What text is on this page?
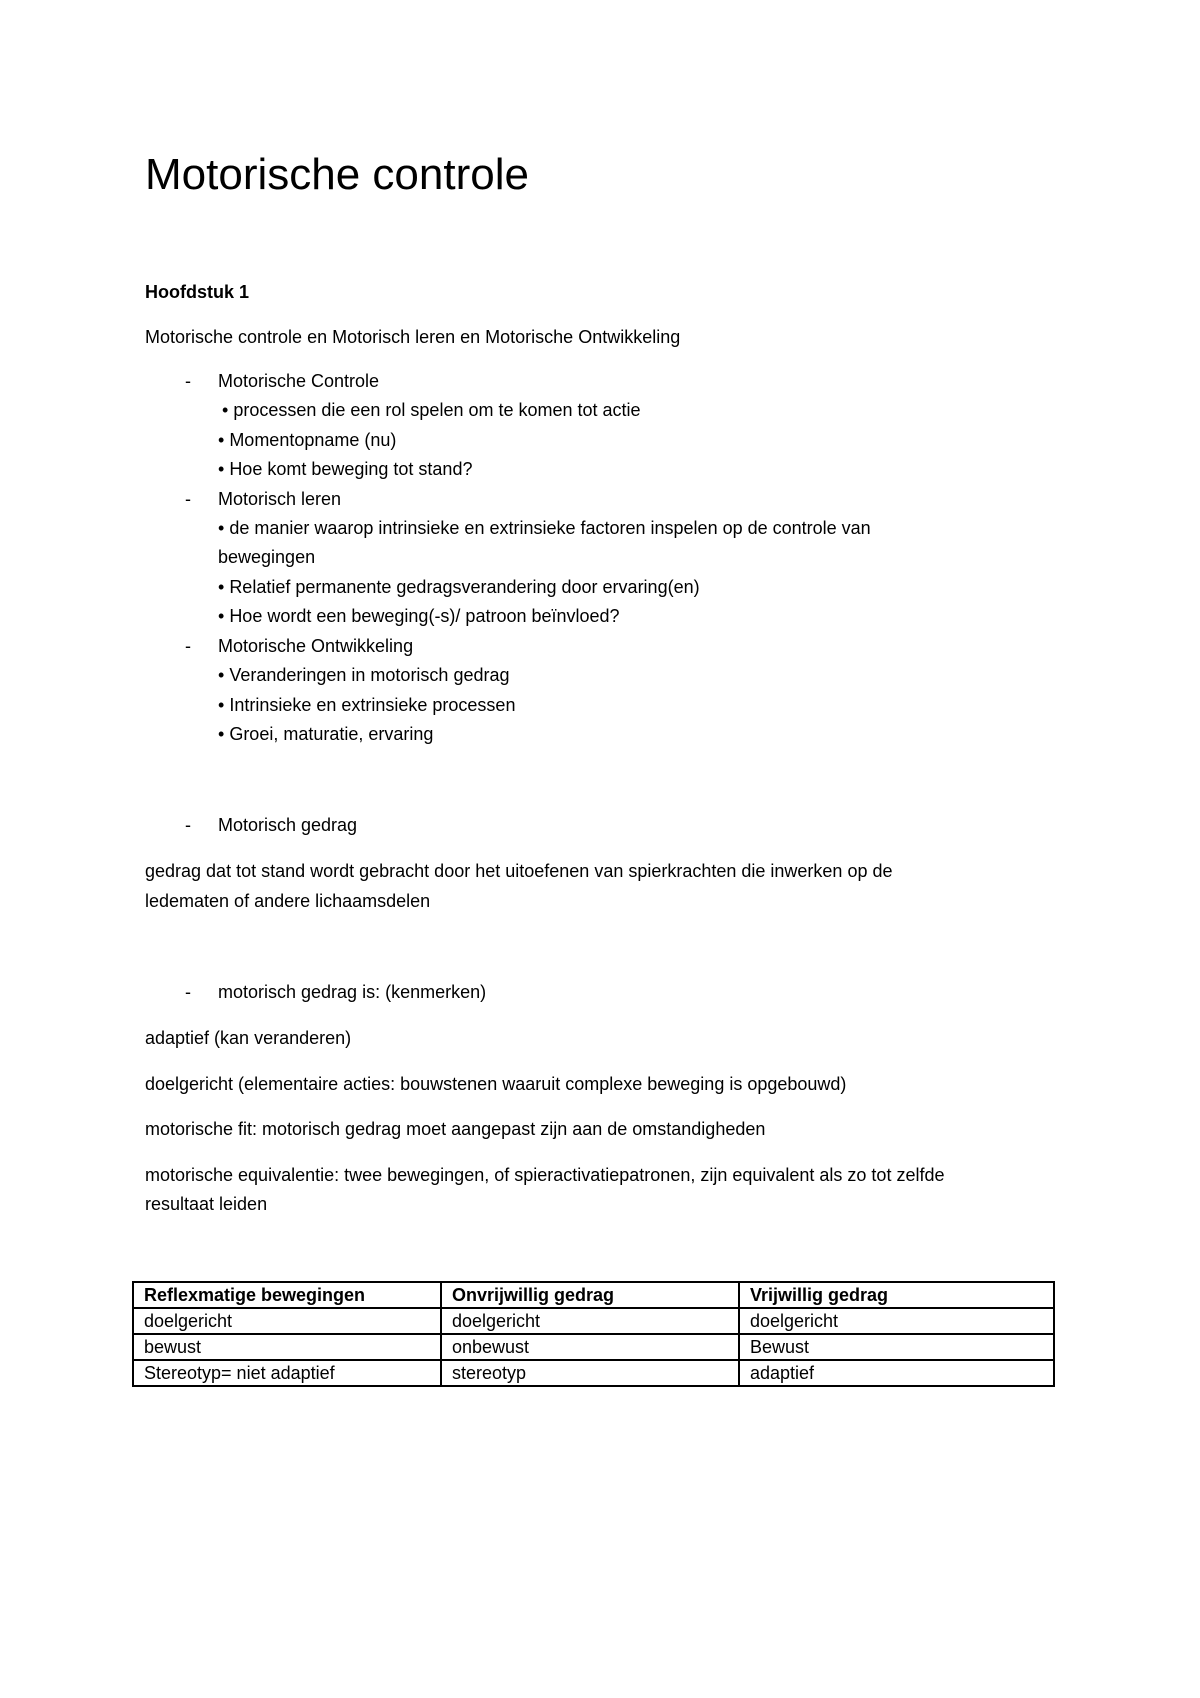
Motorische controle
Hoofdstuk 1
Motorische controle en Motorisch leren en Motorische Ontwikkeling
- Motorische Controle
• processen die een rol spelen om te komen tot actie
• Momentopname (nu)
• Hoe komt beweging tot stand?
- Motorisch leren
• de manier waarop intrinsieke en extrinsieke factoren inspelen op de controle van
bewegingen
• Relatief permanente gedragsverandering door ervaring(en)
• Hoe wordt een beweging(-s)/ patroon beïnvloed?
- Motorische Ontwikkeling
• Veranderingen in motorisch gedrag
• Intrinsieke en extrinsieke processen
• Groei, maturatie, ervaring
- Motorisch gedrag
gedrag dat tot stand wordt gebracht door het uitoefenen van spierkrachten die inwerken op de
ledematen of andere lichaamsdelen
- motorisch gedrag is: (kenmerken)
adaptief (kan veranderen)
doelgericht (elementaire acties: bouwstenen waaruit complexe beweging is opgebouwd)
motorische fit: motorisch gedrag moet aangepast zijn aan de omstandigheden
motorische equivalentie: twee bewegingen, of spieractivatiepatronen, zijn equivalent als zo tot zelfde
resultaat leiden
Reflexmatige bewegingen	Onvrijwillig gedrag	Vrijwillig gedrag
doelgericht	doelgericht	doelgericht
bewust	onbewust	Bewust
Stereotyp= niet adaptief	stereotyp	adaptief
